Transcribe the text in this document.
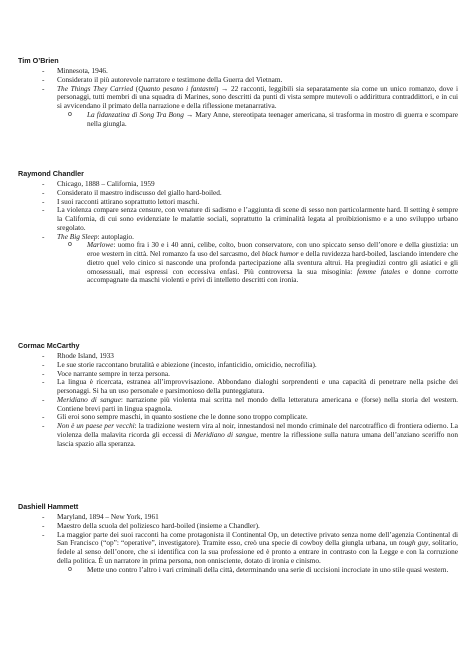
Tim O’Brien
- Minnesota, 1946.
- Considerato il più autorevole narratore e testimone della Guerra del Vietnam.
- The Things They Carried (Quanto pesano i fantasmi) → 22 racconti, leggibili sia separatamente sia come un unico romanzo, dove i personaggi, tutti membri di una squadra di Marines, sono descritti da punti di vista sempre mutevoli o addirittura contraddittori, e in cui si avvicendano il primato della narrazione e della riflessione metanarrativa.
o La fidanzatina di Song Tra Bong → Mary Anne, stereotipata teenager americana, si trasforma in mostro di guerra e scompare nella giungla.
Raymond Chandler
- Chicago, 1888 – California, 1959
- Considerato il maestro indiscusso del giallo hard-boiled.
- I suoi racconti attirano soprattutto lettori maschi.
- La violenza compare senza censure, con venature di sadismo e l’aggiunta di scene di sesso non particolarmente hard. Il setting è sempre la California, di cui sono evidenziate le malattie sociali, soprattutto la criminalità legata al proibizionismo e a uno sviluppo urbano sregolato.
- The Big Sleep: autoplagio.
o Marlowe: uomo fra i 30 e i 40 anni, celibe, colto, buon conservatore, con uno spiccato senso dell’onore e della giustizia: un eroe western in città. Nel romanzo fa uso del sarcasmo, del black humor e della ruvidezza hard-boiled, lasciando intendere che dietro quel velo cinico si nasconde una profonda partecipazione alla sventura altrui. Ha pregiudizi contro gli asiatici e gli omosessuali, mai espressi con eccessiva enfasi. Più controversa la sua misoginia: femme fatales e donne corrotte accompagnate da maschi violenti e privi di intelletto descritti con ironia.
Cormac McCarthy
- Rhode Island, 1933
- Le sue storie raccontano brutalità e abiezione (incesto, infanticidio, omicidio, necrofilia).
- Voce narrante sempre in terza persona.
- La lingua è ricercata, estranea all’improvvisazione. Abbondano dialoghi sorprendenti e una capacità di penetrare nella psiche dei personaggi. Si ha un uso personale e parsimonioso della punteggiatura.
- Meridiano di sangue: narrazione più violenta mai scritta nel mondo della letteratura americana e (forse) nella storia del western. Contiene brevi parti in lingua spagnola.
- Gli eroi sono sempre maschi, in quanto sostiene che le donne sono troppo complicate.
- Non è un paese per vecchi: la tradizione western vira al noir, innestandosi nel mondo criminale del narcotraffico di frontiera odierno. La violenza della malavita ricorda gli eccessi di Meridiano di sangue, mentre la riflessione sulla natura umana dell’anziano sceriffo non lascia spazio alla speranza.
Dashiell Hammett
- Maryland, 1894 – New York, 1961
- Maestro della scuola del poliziesco hard-boiled (insieme a Chandler).
- La maggior parte dei suoi racconti ha come protagonista il Continental Op, un detective privato senza nome dell’agenzia Continental di San Francisco (“op”: “operative”, investigatore). Tramite esso, creò una specie di cowboy della giungla urbana, un tough guy, solitario, fedele al senso dell’onore, che si identifica con la sua professione ed è pronto a entrare in contrasto con la Legge e con la corruzione della politica. È un narratore in prima persona, non onnisciente, dotato di ironia e cinismo.
o Mette uno contro l’altro i vari criminali della città, determinando una serie di uccisioni incrociate in uno stile quasi western.
